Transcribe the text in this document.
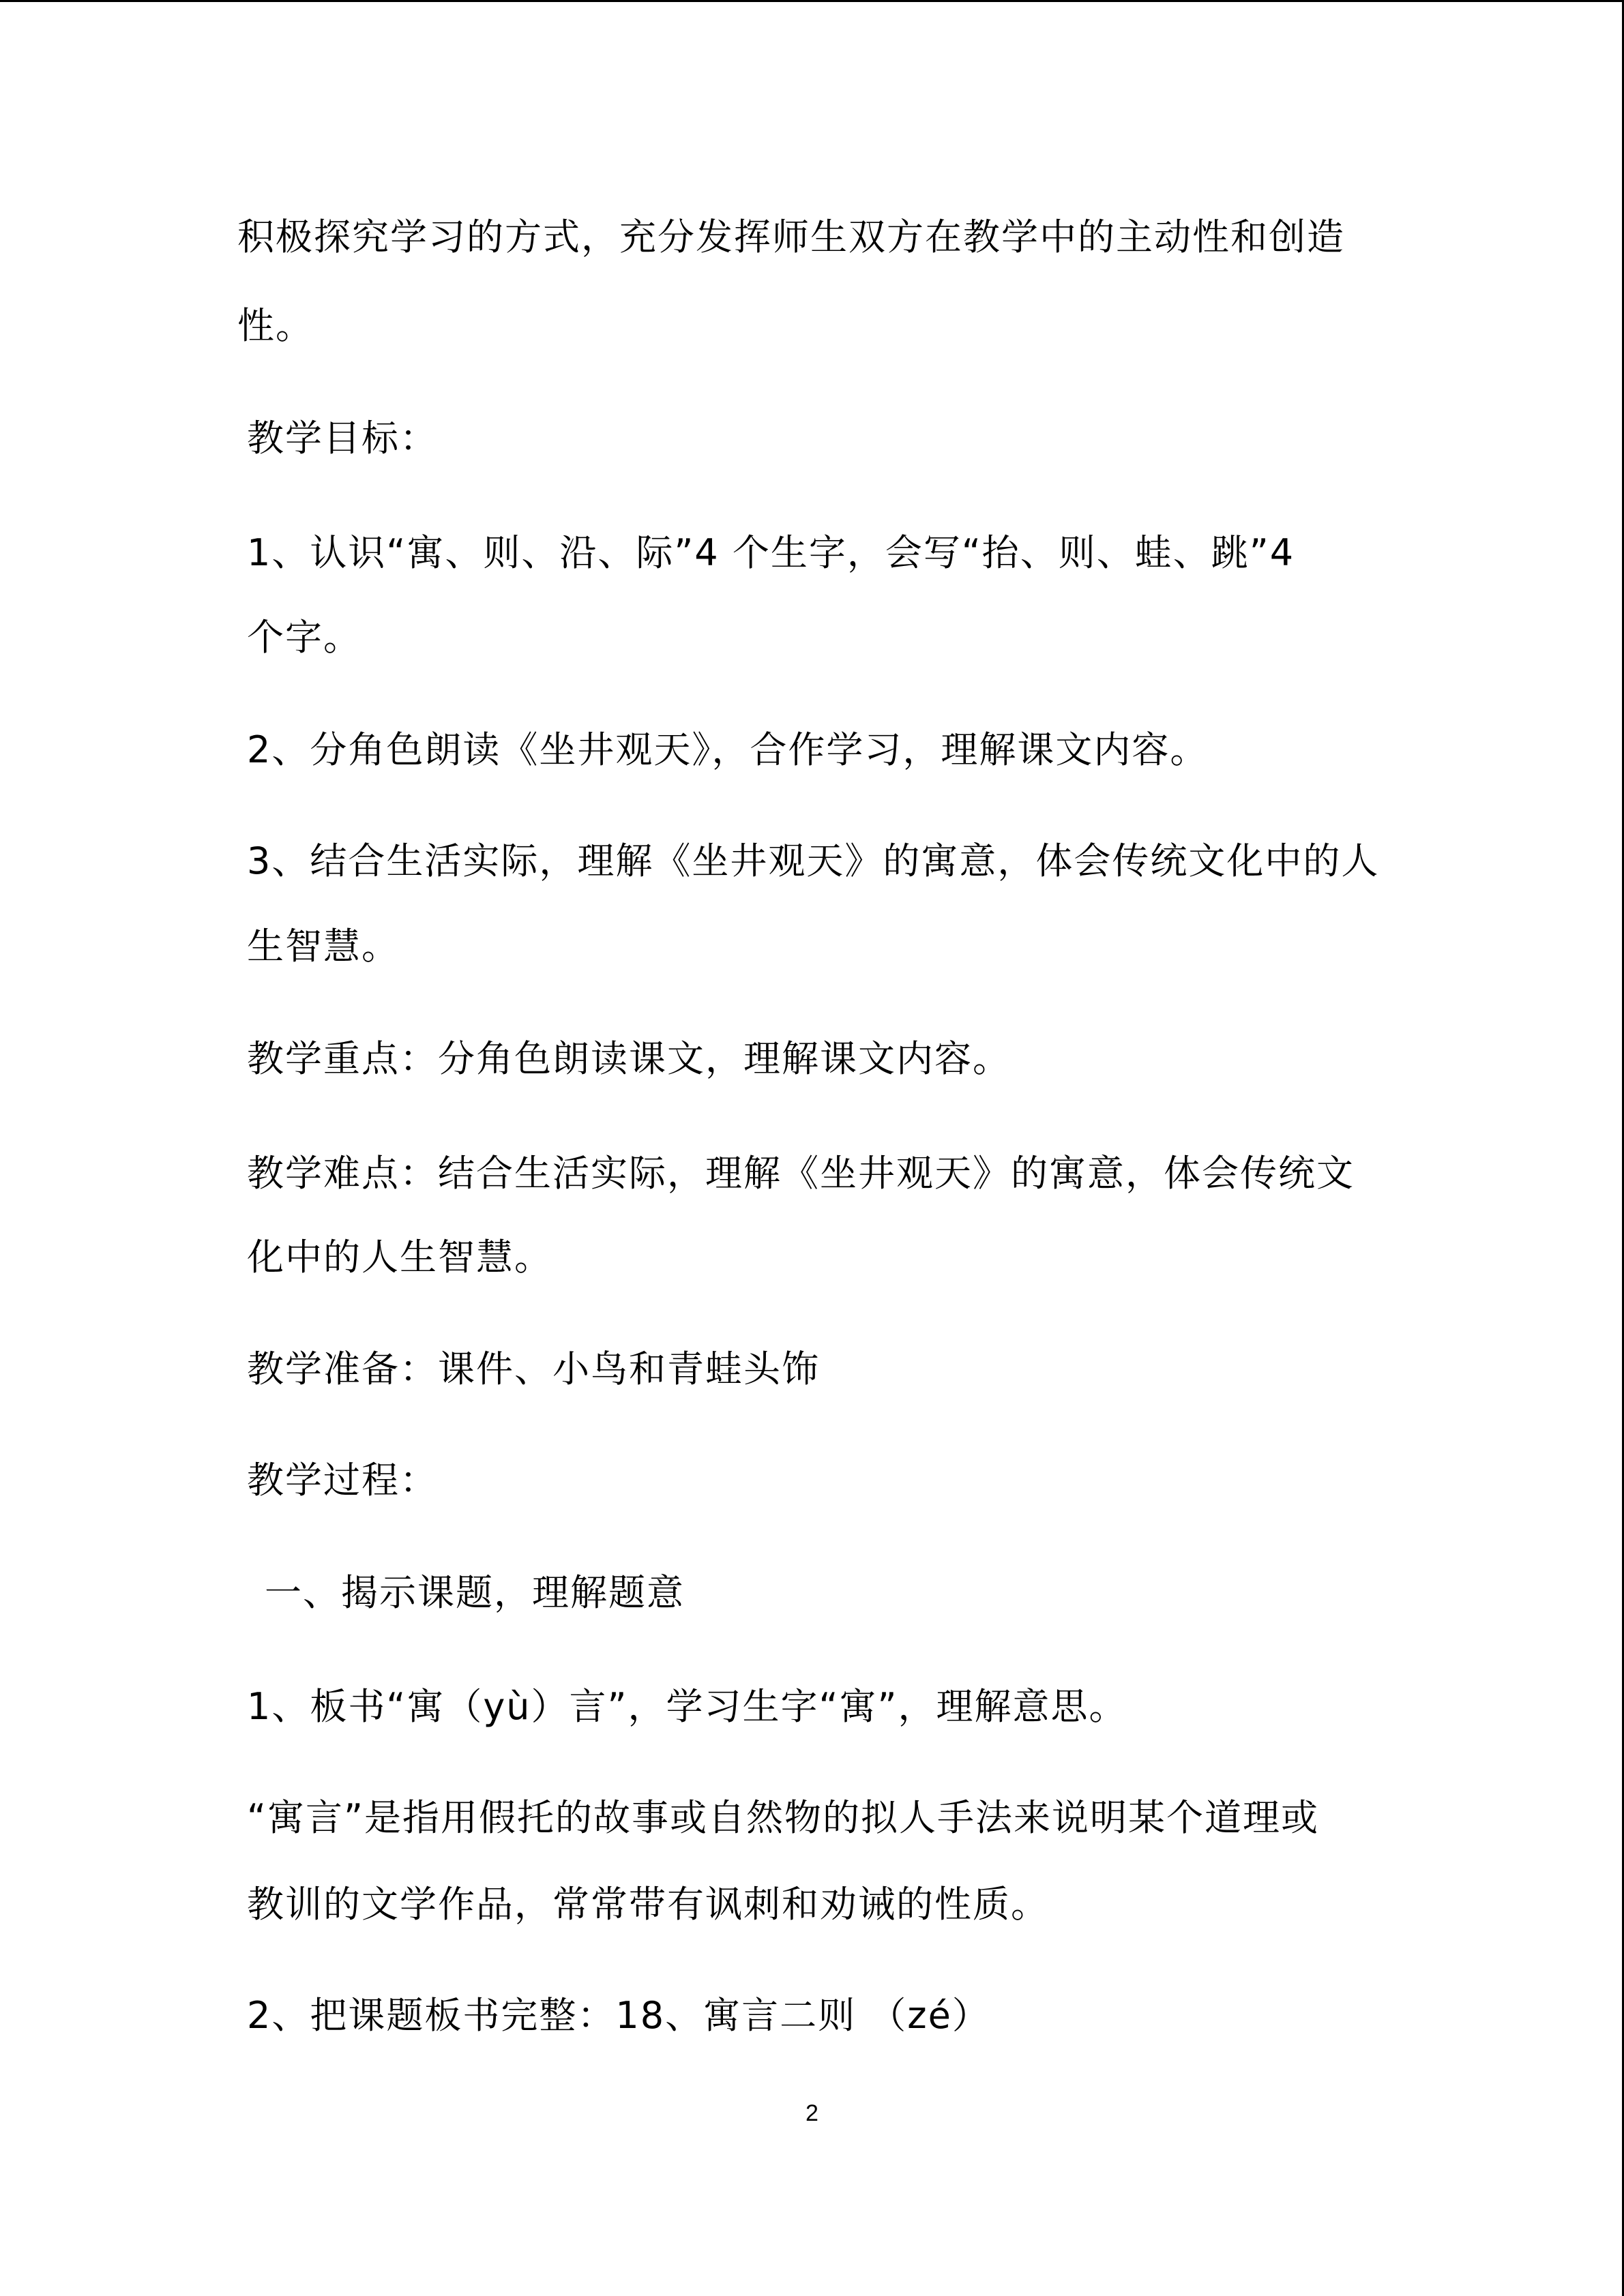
积极探究学习的方式，充分发挥师生双方在教学中的主动性和创造
性。
教学目标：
1、认识“寓、则、沿、际”4 个生字，会写“抬、则、蛙、跳”4
个字。
2、分角色朗读《坐井观天》，合作学习，理解课文内容。
3、结合生活实际，理解《坐井观天》的寓意，体会传统文化中的人
生智慧。
教学重点：分角色朗读课文，理解课文内容。
教学难点：结合生活实际，理解《坐井观天》的寓意，体会传统文
化中的人生智慧。
教学准备：课件、小鸟和青蛙头饰
教学过程：
一、揭示课题，理解题意
1、板书“寓（yù）言”，学习生字“寓”，理解意思。
“寓言”是指用假托的故事或自然物的拟人手法来说明某个道理或
教训的文学作品，常常带有讽刺和劝诫的性质。
2、把课题板书完整：18、寓言二则 （zé）
2
